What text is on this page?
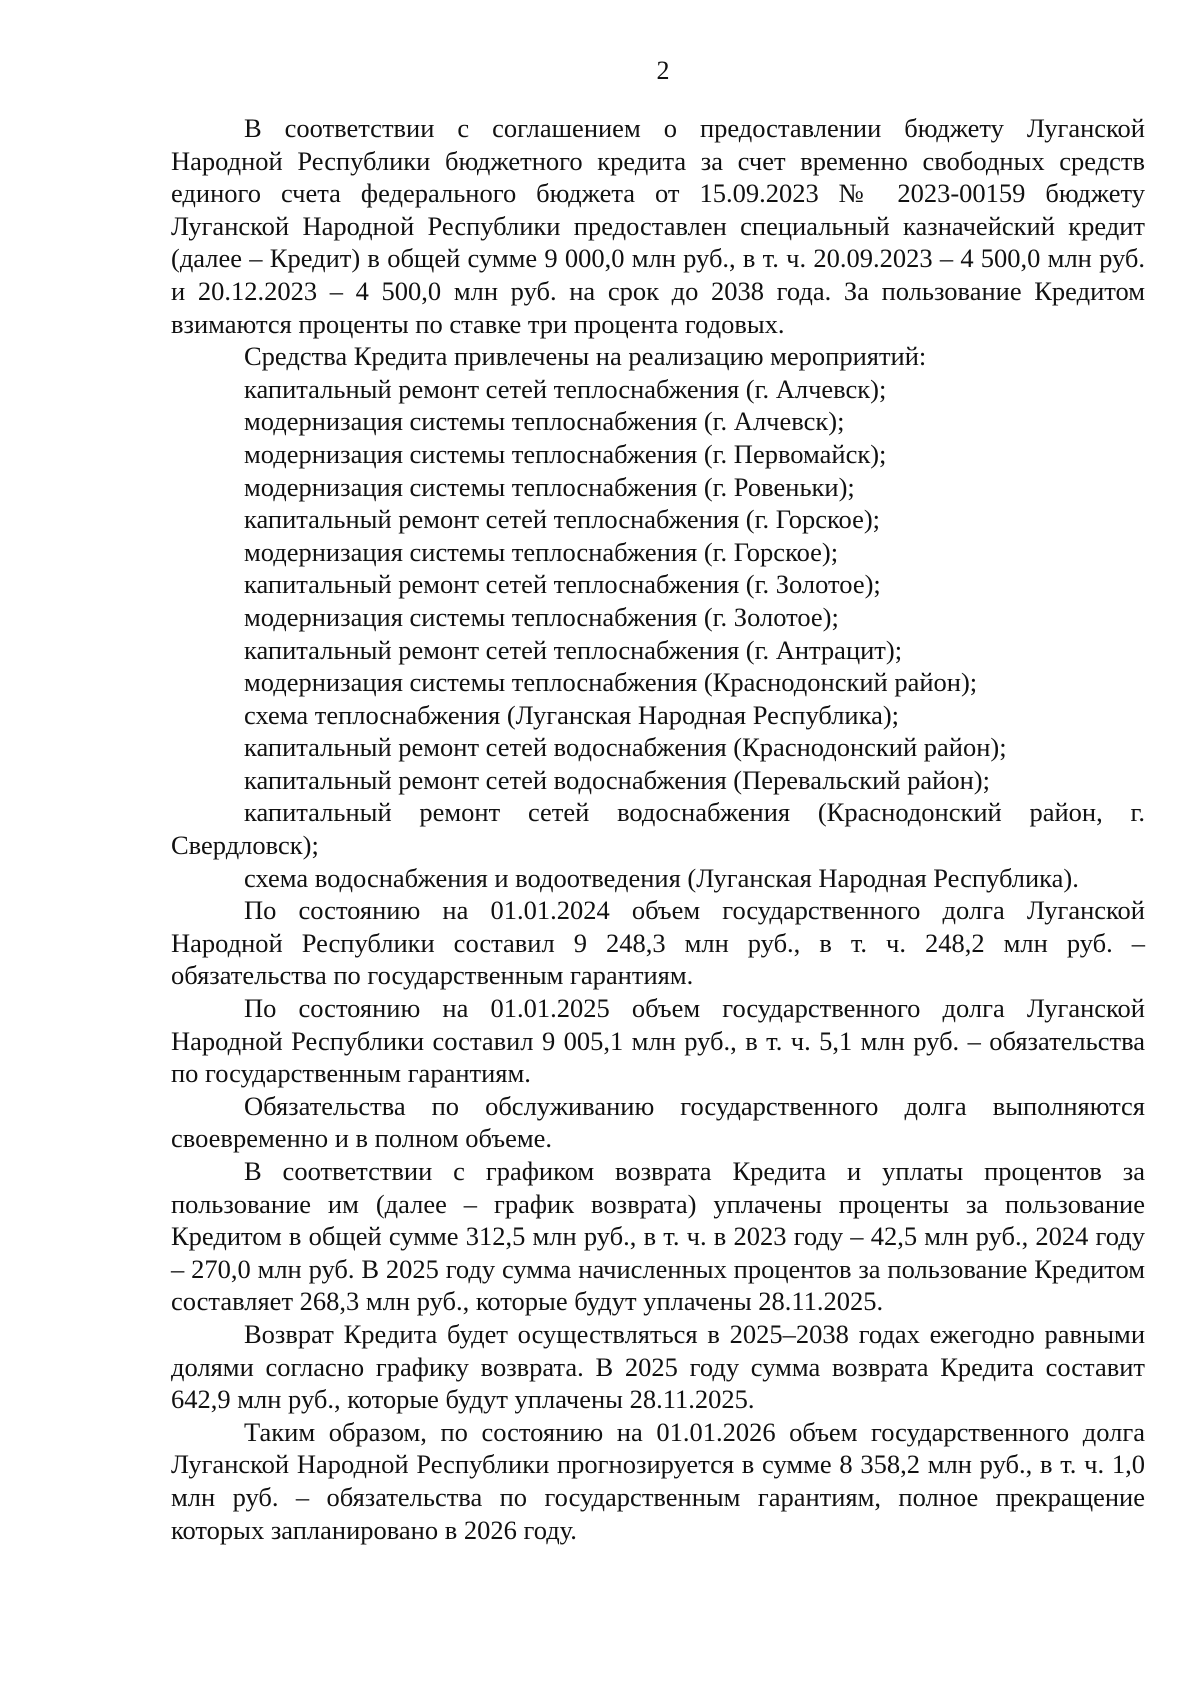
2

В соответствии с соглашением о предоставлении бюджету Луганской Народной Республики бюджетного кредита за счет временно свободных средств единого счета федерального бюджета от 15.09.2023 № 2023-00159 бюджету Луганской Народной Республики предоставлен специальный казначейский кредит (далее – Кредит) в общей сумме 9 000,0 млн руб., в т. ч. 20.09.2023 – 4 500,0 млн руб. и 20.12.2023 – 4 500,0 млн руб. на срок до 2038 года. За пользование Кредитом взимаются проценты по ставке три процента годовых.

Средства Кредита привлечены на реализацию мероприятий:

капитальный ремонт сетей теплоснабжения (г. Алчевск);

модернизация системы теплоснабжения (г. Алчевск);

модернизация системы теплоснабжения (г. Первомайск);

модернизация системы теплоснабжения (г. Ровеньки);

капитальный ремонт сетей теплоснабжения (г. Горское);

модернизация системы теплоснабжения (г. Горское);

капитальный ремонт сетей теплоснабжения (г. Золотое);

модернизация системы теплоснабжения (г. Золотое);

капитальный ремонт сетей теплоснабжения (г. Антрацит);

модернизация системы теплоснабжения (Краснодонский район);

схема теплоснабжения (Луганская Народная Республика);

капитальный ремонт сетей водоснабжения (Краснодонский район);

капитальный ремонт сетей водоснабжения (Перевальский район);

капитальный ремонт сетей водоснабжения (Краснодонский район, г. Свердловск);

схема водоснабжения и водоотведения (Луганская Народная Республика).

По состоянию на 01.01.2024 объем государственного долга Луганской Народной Республики составил 9 248,3 млн руб., в т. ч. 248,2 млн руб. – обязательства по государственным гарантиям.

По состоянию на 01.01.2025 объем государственного долга Луганской Народной Республики составил 9 005,1 млн руб., в т. ч. 5,1 млн руб. – обязательства по государственным гарантиям.

Обязательства по обслуживанию государственного долга выполняются своевременно и в полном объеме.

В соответствии с графиком возврата Кредита и уплаты процентов за пользование им (далее – график возврата) уплачены проценты за пользование Кредитом в общей сумме 312,5 млн руб., в т. ч. в 2023 году – 42,5 млн руб., 2024 году – 270,0 млн руб. В 2025 году сумма начисленных процентов за пользование Кредитом составляет 268,3 млн руб., которые будут уплачены 28.11.2025.

Возврат Кредита будет осуществляться в 2025–2038 годах ежегодно равными долями согласно графику возврата. В 2025 году сумма возврата Кредита составит 642,9 млн руб., которые будут уплачены 28.11.2025.

Таким образом, по состоянию на 01.01.2026 объем государственного долга Луганской Народной Республики прогнозируется в сумме 8 358,2 млн руб., в т. ч. 1,0 млн руб. – обязательства по государственным гарантиям, полное прекращение которых запланировано в 2026 году.
